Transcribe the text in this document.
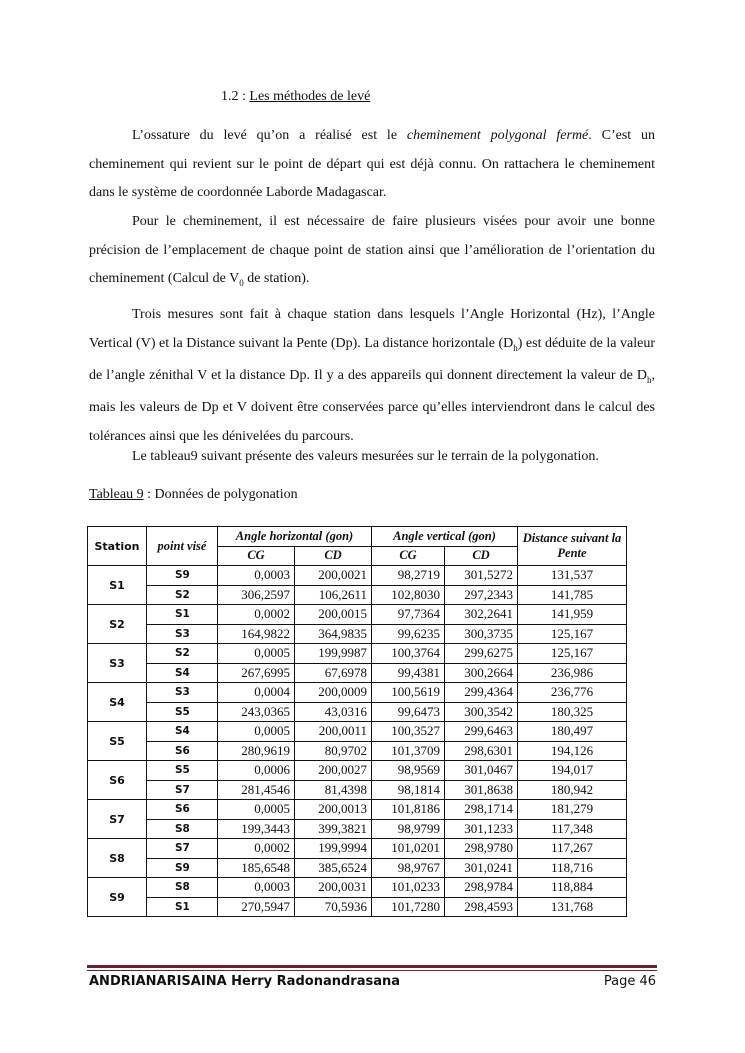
1.2 : Les méthodes de levé
L’ossature du levé qu’on a réalisé est le cheminement polygonal fermé. C’est un cheminement qui revient sur le point de départ qui est déjà connu. On rattachera le cheminement dans le système de coordonnée Laborde Madagascar.
Pour le cheminement, il est nécessaire de faire plusieurs visées pour avoir une bonne précision de l’emplacement de chaque point de station ainsi que l’amélioration de l’orientation du cheminement (Calcul de $V_0$ de station).
Trois mesures sont fait à chaque station dans lesquels l’Angle Horizontal (Hz), l’Angle Vertical (V) et la Distance suivant la Pente (Dp). La distance horizontale $(D_h)$ est déduite de la valeur de l’angle zénithal V et la distance Dp. Il y a des appareils qui donnent directement la valeur de $D_h$, mais les valeurs de Dp et V doivent être conservées parce qu’elles interviendront dans le calcul des tolérances ainsi que les dénivelées du parcours.
Le tableau9 suivant présente des valeurs mesurées sur le terrain de la polygonation.
Tableau 9 : Données de polygonation
Station	point visé	Angle horizontal (gon)		Angle vertical (gon)		Distance suivant la Pente
		CG	CD	CG	CD	
S1	S9	0,0003	200,0021	98,2719	301,5272	131,537
	S2	306,2597	106,2611	102,8030	297,2343	141,785
S2	S1	0,0002	200,0015	97,7364	302,2641	141,959
	S3	164,9822	364,9835	99,6235	300,3735	125,167
S3	S2	0,0005	199,9987	100,3764	299,6275	125,167
	S4	267,6995	67,6978	99,4381	300,2664	236,986
S4	S3	0,0004	200,0009	100,5619	299,4364	236,776
	S5	243,0365	43,0316	99,6473	300,3542	180,325
S5	S4	0,0005	200,0011	100,3527	299,6463	180,497
	S6	280,9619	80,9702	101,3709	298,6301	194,126
S6	S5	0,0006	200,0027	98,9569	301,0467	194,017
	S7	281,4546	81,4398	98,1814	301,8638	180,942
S7	S6	0,0005	200,0013	101,8186	298,1714	181,279
	S8	199,3443	399,3821	98,9799	301,1233	117,348
S8	S7	0,0002	199,9994	101,0201	298,9780	117,267
	S9	185,6548	385,6524	98,9767	301,0241	118,716
S9	S8	0,0003	200,0031	101,0233	298,9784	118,884
	S1	270,5947	70,5936	101,7280	298,4593	131,768
ANDRIANARISAINA Herry Radonandrasana	Page 46
